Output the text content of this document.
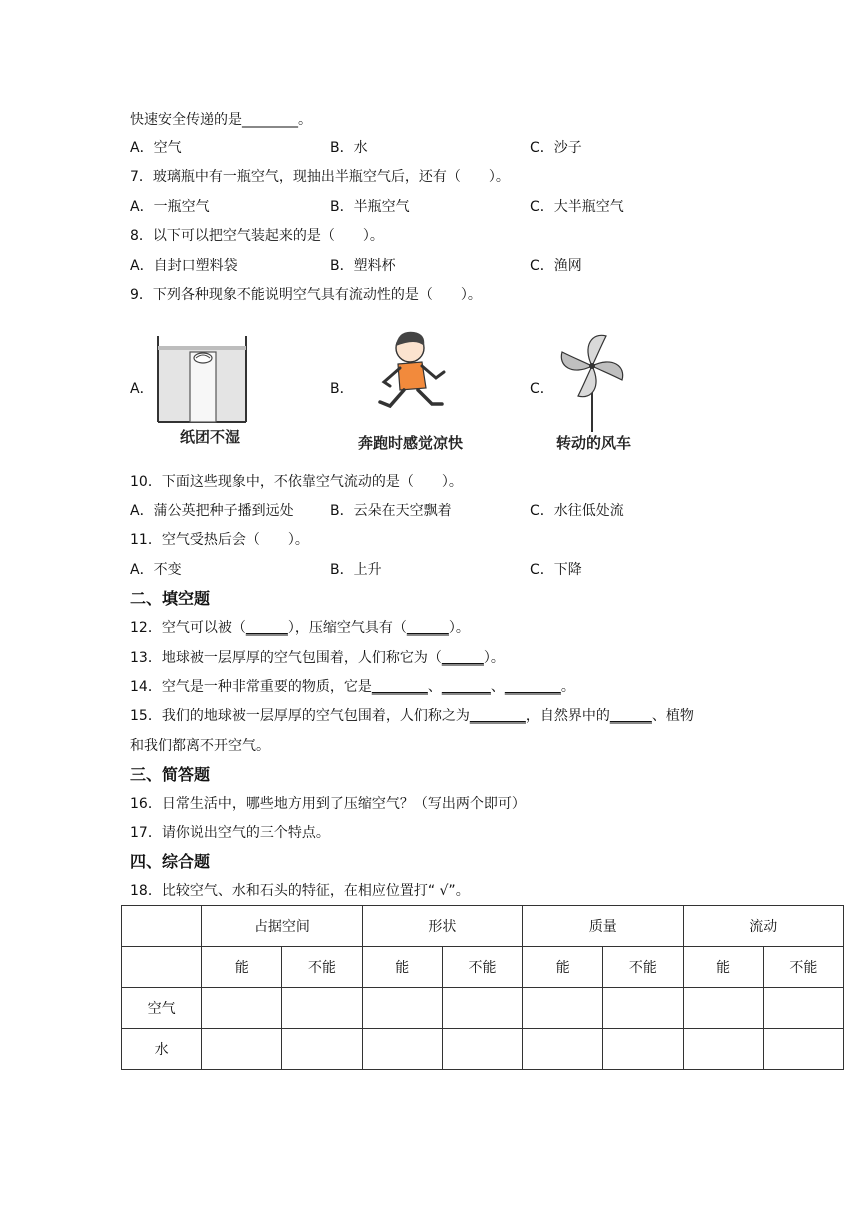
快速安全传递的是________。
A．空气	B．水	C．沙子
7．玻璃瓶中有一瓶空气，现抽出半瓶空气后，还有（　　）。
A．一瓶空气	B．半瓶空气	C．大半瓶空气
8．以下可以把空气装起来的是（　　）。
A．自封口塑料袋	B．塑料杯	C．渔网
9．下列各种现象不能说明空气具有流动性的是（　　）。
A．	B．	C．
纸团不湿	奔跑时感觉凉快	转动的风车
10．下面这些现象中，不依靠空气流动的是（　　）。
A．蒲公英把种子播到远处	B．云朵在天空飘着	C．水往低处流
11．空气受热后会（　　）。
A．不变	B．上升	C．下降
二、填空题
12．空气可以被（______），压缩空气具有（______）。
13．地球被一层厚厚的空气包围着，人们称它为（______）。
14．空气是一种非常重要的物质，它是________、_______、________。
15．我们的地球被一层厚厚的空气包围着，人们称之为________，自然界中的______、植物
和我们都离不开空气。
三、简答题
16．日常生活中，哪些地方用到了压缩空气？（写出两个即可）
17．请你说出空气的三个特点。
四、综合题
18．比较空气、水和石头的特征，在相应位置打“ √”。
	占据空间		形状		质量		流动	
	能	不能	能	不能	能	不能	能	不能
空气								
水								
